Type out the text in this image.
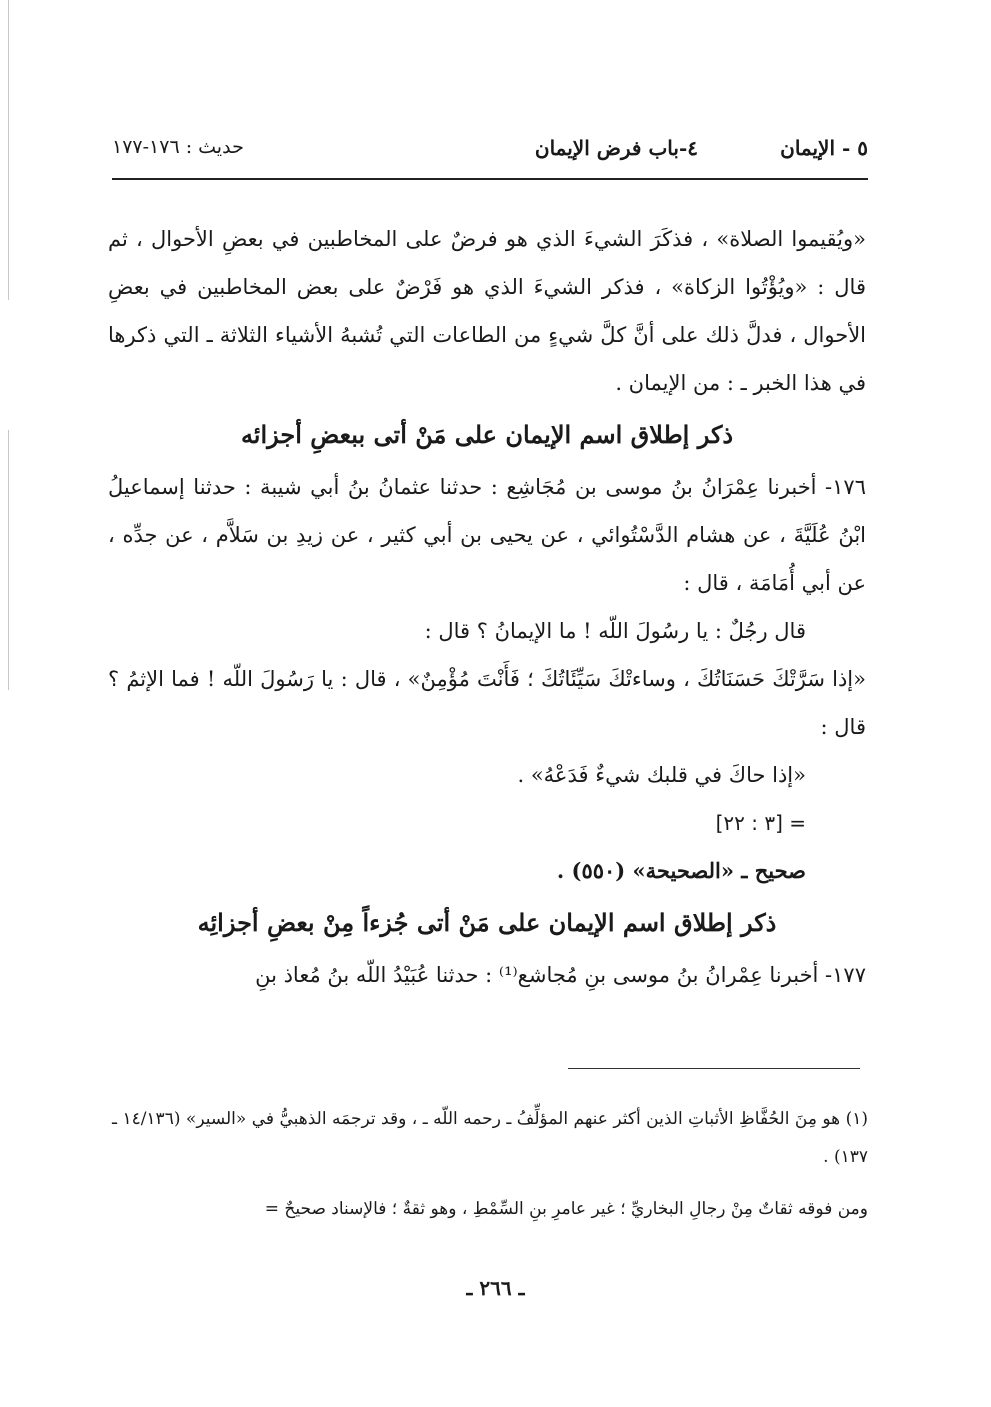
٥ - الإيمان
٤-باب فرض الإيمان
حديث : ١٧٦-١٧٧

«ويُقيموا الصلاة» ، فذكَرَ الشيءَ الذي هو فرضٌ على المخاطبين في بعضِ الأحوال ، ثم قال : «ويُؤْتُوا الزكاة» ، فذكر الشيءَ الذي هو فَرْضٌ على بعض المخاطبين في بعضِ الأحوال ، فدلَّ ذلك على أنَّ كلَّ شيءٍ من الطاعات التي تُشبهُ الأشياء الثلاثة ـ التي ذكرها في هذا الخبر ـ : من الإيمان .

ذكر إطلاق اسم الإيمان على مَنْ أتى ببعضِ أجزائه

١٧٦- أخبرنا عِمْرَانُ بنُ موسى بن مُجَاشِع : حدثنا عثمانُ بنُ أبي شيبة : حدثنا إسماعيلُ ابْنُ عُلَيَّةَ ، عن هشام الدَّسْتُوائي ، عن يحيى بن أبي كثير ، عن زيدِ بن سَلاَّم ، عن جدِّه ، عن أبي أُمَامَة ، قال :

قال رجُلٌ : يا رسُولَ اللّه ! ما الإيمانُ ؟ قال :

«إذا سَرَّتْكَ حَسَنَاتُكَ ، وساءتْكَ سَيِّئَاتُكَ ؛ فَأَنْتَ مُؤْمِنٌ» ، قال : يا رَسُولَ اللّه ! فما الإثمُ ؟ قال :

«إذا حاكَ في قلبك شيءٌ فَدَعْهُ» .

= [٣ : ٢٢]

صحيح ـ «الصحيحة» (٥٥٠) .

ذكر إطلاق اسم الإيمان على مَنْ أتى جُزءاً مِنْ بعضِ أجزائِه

١٧٧- أخبرنا عِمْرانُ بنُ موسى بنِ مُجاشع⁽¹⁾ : حدثنا عُبَيْدُ اللّه بنُ مُعاذ بنِ

(١) هو مِنَ الحُفَّاظِ الأثباتِ الذين أكثر عنهم المؤلِّفُ ـ رحمه اللّه ـ ، وقد ترجمَه الذهبيُّ في «السير» (١٤/١٣٦ ـ ١٣٧) .

ومن فوقه ثقاتٌ مِنْ رجالِ البخاريِّ ؛ غير عامرِ بنِ السِّمْطِ ، وهو ثقةٌ ؛ فالإسناد صحيحٌ =

ـ ٢٦٦ ـ
